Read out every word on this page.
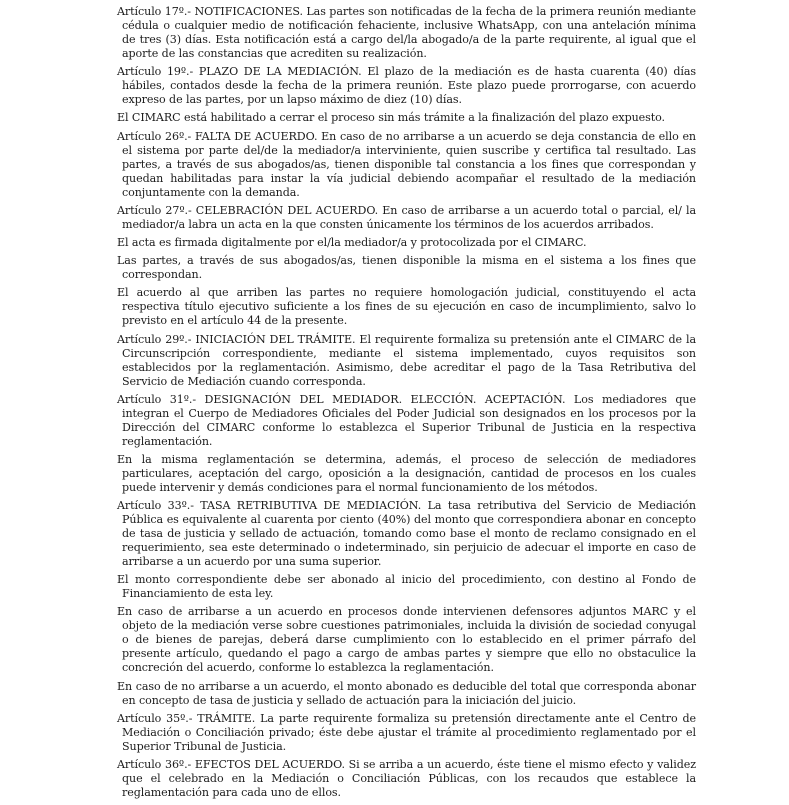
Artículo 17º.- NOTIFICACIONES. Las partes son notificadas de la fecha de la primera reunión mediante cédula o cualquier medio de notificación fehaciente, inclusive WhatsApp, con una antelación mínima de tres (3) días. Esta notificación está a cargo del/la abogado/a de la parte requirente, al igual que el aporte de las constancias que acrediten su realización.

Artículo 19º.- PLAZO DE LA MEDIACIÓN. El plazo de la mediación es de hasta cuarenta (40) días hábiles, contados desde la fecha de la primera reunión. Este plazo puede prorrogarse, con acuerdo expreso de las partes, por un lapso máximo de diez (10) días.

El CIMARC está habilitado a cerrar el proceso sin más trámite a la finalización del plazo expuesto.

Artículo 26º.- FALTA DE ACUERDO. En caso de no arribarse a un acuerdo se deja constancia de ello en el sistema por parte del/de la mediador/a interviniente, quien suscribe y certifica tal resultado. Las partes, a través de sus abogados/as, tienen disponible tal constancia a los fines que correspondan y quedan habilitadas para instar la vía judicial debiendo acompañar el resultado de la mediación conjuntamente con la demanda.

Artículo 27º.- CELEBRACIÓN DEL ACUERDO. En caso de arribarse a un acuerdo total o parcial, el/ la mediador/a labra un acta en la que consten únicamente los términos de los acuerdos arribados.

El acta es firmada digitalmente por el/la mediador/a y protocolizada por el CIMARC.

Las partes, a través de sus abogados/as, tienen disponible la misma en el sistema a los fines que correspondan.

El acuerdo al que arriben las partes no requiere homologación judicial, constituyendo el acta respectiva título ejecutivo suficiente a los fines de su ejecución en caso de incumplimiento, salvo lo previsto en el artículo 44 de la presente.

Artículo 29º.- INICIACIÓN DEL TRÁMITE. El requirente formaliza su pretensión ante el CIMARC de la Circunscripción correspondiente, mediante el sistema implementado, cuyos requisitos son establecidos por la reglamentación. Asimismo, debe acreditar el pago de la Tasa Retributiva del Servicio de Mediación cuando corresponda.

Artículo 31º.- DESIGNACIÓN DEL MEDIADOR. ELECCIÓN. ACEPTACIÓN. Los mediadores que integran el Cuerpo de Mediadores Oficiales del Poder Judicial son designados en los procesos por la Dirección del CIMARC conforme lo establezca el Superior Tribunal de Justicia en la respectiva reglamentación.

En la misma reglamentación se determina, además, el proceso de selección de mediadores particulares, aceptación del cargo, oposición a la designación, cantidad de procesos en los cuales puede intervenir y demás condiciones para el normal funcionamiento de los métodos.

Artículo 33º.- TASA RETRIBUTIVA DE MEDIACIÓN. La tasa retributiva del Servicio de Mediación Pública es equivalente al cuarenta por ciento (40%) del monto que correspondiera abonar en concepto de tasa de justicia y sellado de actuación, tomando como base el monto de reclamo consignado en el requerimiento, sea este determinado o indeterminado, sin perjuicio de adecuar el importe en caso de arribarse a un acuerdo por una suma superior.

El monto correspondiente debe ser abonado al inicio del procedimiento, con destino al Fondo de Financiamiento de esta ley.

En caso de arribarse a un acuerdo en procesos donde intervienen defensores adjuntos MARC y el objeto de la mediación verse sobre cuestiones patrimoniales, incluida la división de sociedad conyugal o de bienes de parejas, deberá darse cumplimiento con lo establecido en el primer párrafo del presente artículo, quedando el pago a cargo de ambas partes y siempre que ello no obstaculice la concreción del acuerdo, conforme lo establezca la reglamentación.

En caso de no arribarse a un acuerdo, el monto abonado es deducible del total que corresponda abonar en concepto de tasa de justicia y sellado de actuación para la iniciación del juicio.

Artículo 35º.- TRÁMITE. La parte requirente formaliza su pretensión directamente ante el Centro de Mediación o Conciliación privado; éste debe ajustar el trámite al procedimiento reglamentado por el Superior Tribunal de Justicia.

Artículo 36º.- EFECTOS DEL ACUERDO. Si se arriba a un acuerdo, éste tiene el mismo efecto y validez que el celebrado en la Mediación o Conciliación Públicas, con los recaudos que establece la reglamentación para cada uno de ellos.
